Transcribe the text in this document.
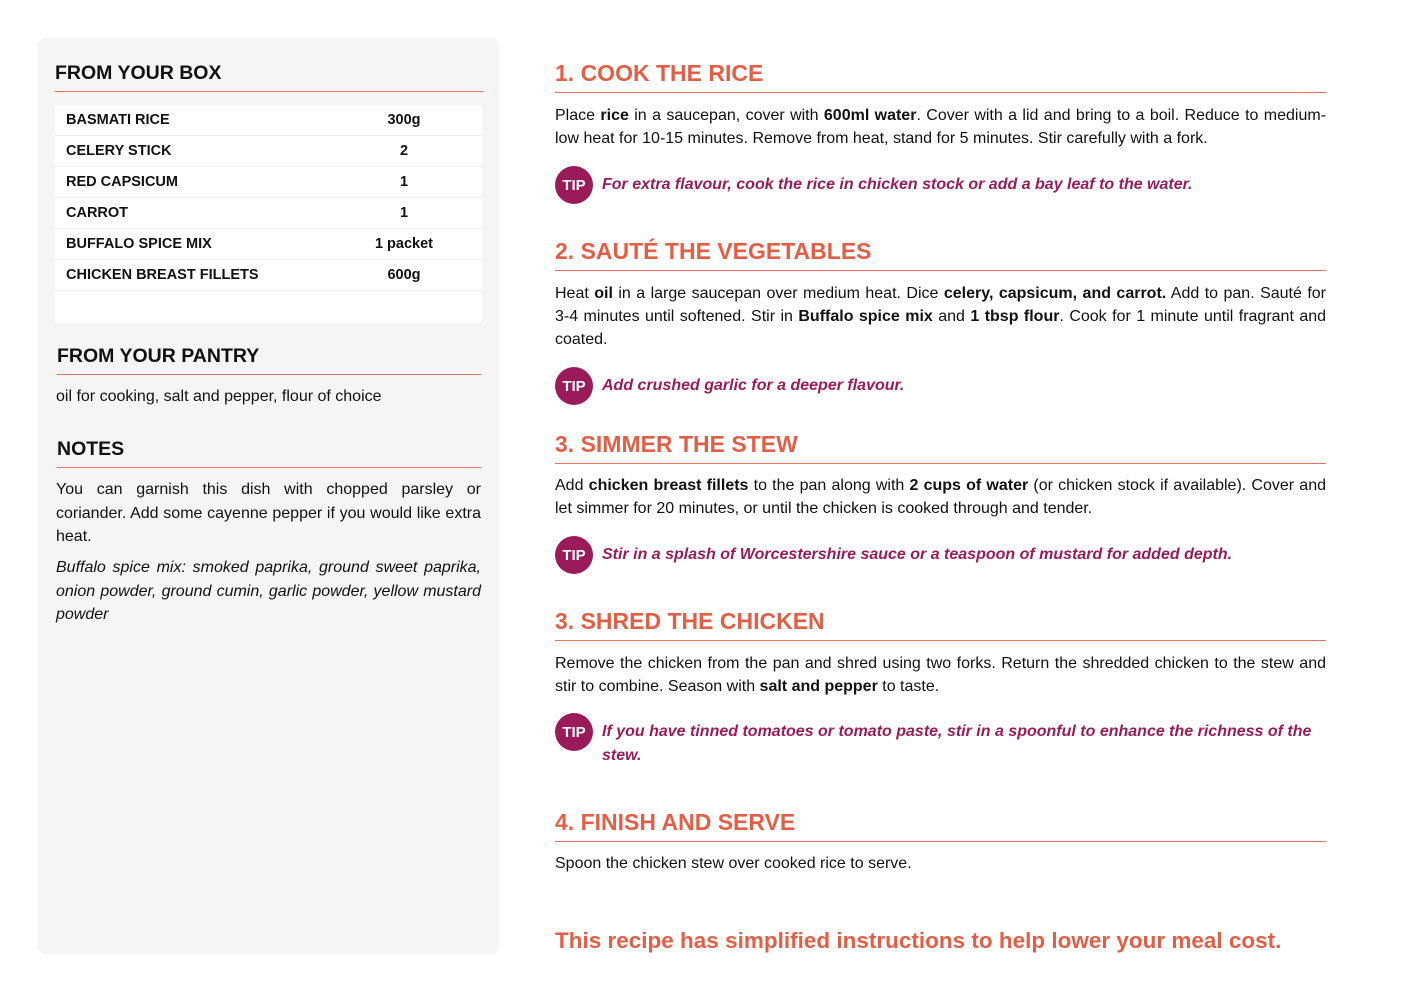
FROM YOUR BOX
BASMATI RICE	300g
CELERY STICK	2
RED CAPSICUM	1
CARROT	1
BUFFALO SPICE MIX	1 packet
CHICKEN BREAST FILLETS	600g
FROM YOUR PANTRY
oil for cooking, salt and pepper, flour of choice
NOTES
You can garnish this dish with chopped parsley or coriander. Add some cayenne pepper if you would like extra heat.
Buffalo spice mix: smoked paprika, ground sweet paprika, onion powder, ground cumin, garlic powder, yellow mustard powder
1. COOK THE RICE
Place rice in a saucepan, cover with 600ml water. Cover with a lid and bring to a boil. Reduce to medium-low heat for 10-15 minutes. Remove from heat, stand for 5 minutes. Stir carefully with a fork.
TIP	For extra flavour, cook the rice in chicken stock or add a bay leaf to the water.
2. SAUTÉ THE VEGETABLES
Heat oil in a large saucepan over medium heat. Dice celery, capsicum, and carrot. Add to pan. Sauté for 3-4 minutes until softened. Stir in Buffalo spice mix and 1 tbsp flour. Cook for 1 minute until fragrant and coated.
TIP	Add crushed garlic for a deeper flavour.
3. SIMMER THE STEW
Add chicken breast fillets to the pan along with 2 cups of water (or chicken stock if available). Cover and let simmer for 20 minutes, or until the chicken is cooked through and tender.
TIP	Stir in a splash of Worcestershire sauce or a teaspoon of mustard for added depth.
3. SHRED THE CHICKEN
Remove the chicken from the pan and shred using two forks. Return the shredded chicken to the stew and stir to combine. Season with salt and pepper to taste.
TIP	If you have tinned tomatoes or tomato paste, stir in a spoonful to enhance the richness of the stew.
4. FINISH AND SERVE
Spoon the chicken stew over cooked rice to serve.
This recipe has simplified instructions to help lower your meal cost.
